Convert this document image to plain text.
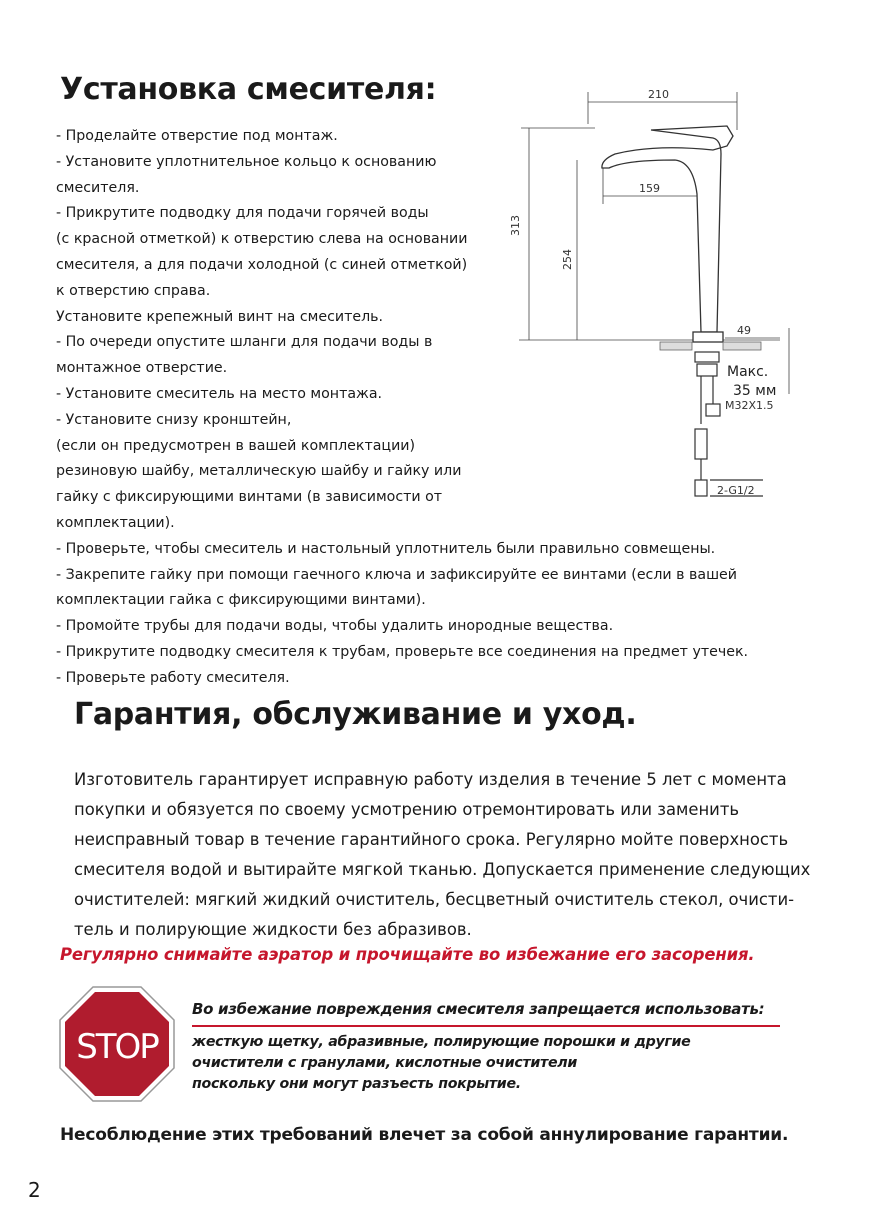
Установка смесителя:
- Проделайте отверстие под монтаж.
- Установите уплотнительное кольцо к основанию
смесителя.
- Прикрутите подводку для подачи горячей воды
(с красной отметкой) к отверстию слева на основании
смесителя, а для подачи холодной (с синей отметкой)
к отверстию справа.
Установите крепежный винт на смеситель.
- По очереди опустите шланги для подачи воды в
монтажное отверстие.
- Установите смеситель на место монтажа.
- Установите снизу кронштейн,
(если он предусмотрен в вашей комплектации)
резиновую шайбу, металлическую шайбу и гайку или
гайку с фиксирующими винтами (в зависимости от
комплектации).
- Проверьте, чтобы смеситель и настольный уплотнитель были правильно совмещены.
- Закрепите гайку при помощи гаечного ключа и зафиксируйте ее винтами (если в вашей
комплектации гайка с фиксирующими винтами).
- Промойте трубы для подачи воды, чтобы удалить инородные вещества.
- Прикрутите подводку смесителя к трубам, проверьте все соединения на предмет утечек.
- Проверьте работу смесителя.
210
159
313
254
49
Макс.
35 мм
M32X1.5
2-G1/2
Гарантия, обслуживание и уход.
Изготовитель гарантирует исправную работу изделия в течение 5 лет с момента
покупки и обязуется по своему усмотрению отремонтировать или заменить
неисправный товар в течение гарантийного срока. Регулярно мойте поверхность
смесителя водой и вытирайте мягкой тканью. Допускается применение следующих
очистителей: мягкий жидкий очиститель, бесцветный очиститель стекол, очисти-
тель и полирующие жидкости без абразивов.
Регулярно снимайте аэратор и прочищайте во избежание его засорения.
STOP
Во избежание повреждения смесителя запрещается использовать:
жесткую щетку, абразивные, полирующие порошки и другие
очистители с гранулами, кислотные очистители
поскольку они могут разъесть покрытие.
Несоблюдение этих требований влечет за собой аннулирование гарантии.
2
